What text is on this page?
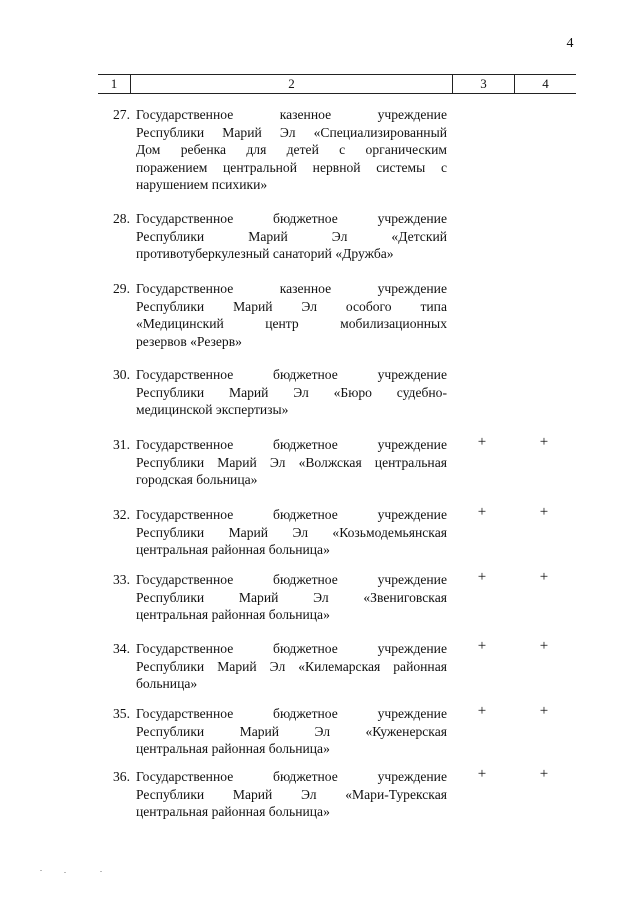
4
1	2	3	4
27. Государственное казенное учреждение
Республики Марий Эл «Специализированный
Дом ребенка для детей с органическим
поражением центральной нервной системы с
нарушением психики»
28. Государственное бюджетное учреждение
Республики Марий Эл «Детский
противотуберкулезный санаторий «Дружба»
29. Государственное казенное учреждение
Республики Марий Эл особого типа
«Медицинский центр мобилизационных
резервов «Резерв»
30. Государственное бюджетное учреждение
Республики Марий Эл «Бюро судебно-
медицинской экспертизы»
31. Государственное бюджетное учреждение
Республики Марий Эл «Волжская центральная
городская больница»
+	+
32. Государственное бюджетное учреждение
Республики Марий Эл «Козьмодемьянская
центральная районная больница»
+	+
33. Государственное бюджетное учреждение
Республики Марий Эл «Звениговская
центральная районная больница»
+	+
34. Государственное бюджетное учреждение
Республики Марий Эл «Килемарская районная
больница»
+	+
35. Государственное бюджетное учреждение
Республики Марий Эл «Куженерская
центральная районная больница»
+	+
36. Государственное бюджетное учреждение
Республики Марий Эл «Мари-Турекская
центральная районная больница»
+	+
